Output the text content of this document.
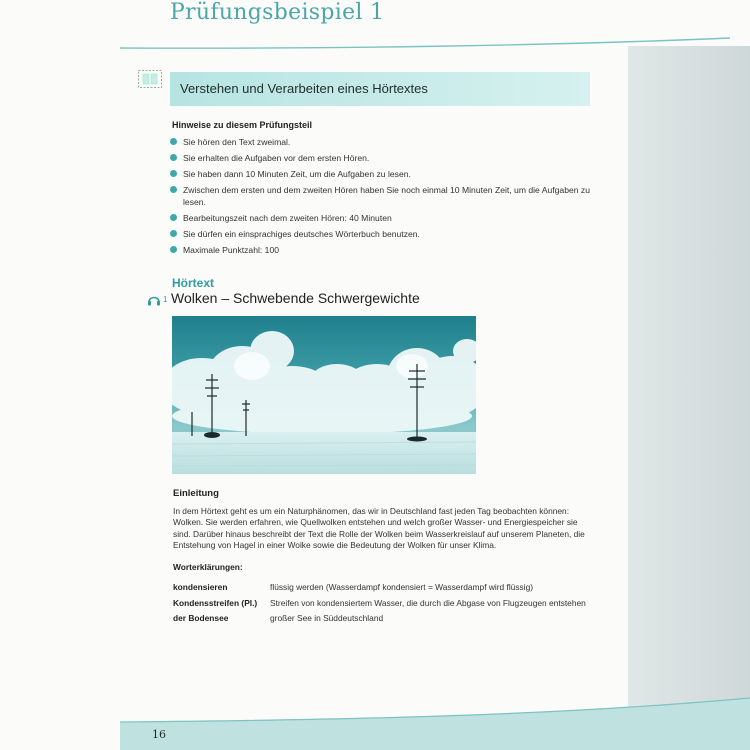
Prüfungsbeispiel 1
Verstehen und Verarbeiten eines Hörtextes
Hinweise zu diesem Prüfungsteil
Sie hören den Text zweimal.
Sie erhalten die Aufgaben vor dem ersten Hören.
Sie haben dann 10 Minuten Zeit, um die Aufgaben zu lesen.
Zwischen dem ersten und dem zweiten Hören haben Sie noch einmal 10 Minuten Zeit, um die Aufgaben zu lesen.
Bearbeitungszeit nach dem zweiten Hören: 40 Minuten
Sie dürfen ein einsprachiges deutsches Wörterbuch benutzen.
Maximale Punktzahl: 100
Hörtext
1 Wolken – Schwebende Schwergewichte
Einleitung
In dem Hörtext geht es um ein Naturphänomen, das wir in Deutschland fast jeden Tag beobachten können: Wolken. Sie werden erfahren, wie Quellwolken entstehen und welch großer Wasser- und Energiespeicher sie sind. Darüber hinaus beschreibt der Text die Rolle der Wolken beim Wasserkreislauf auf unserem Planeten, die Entstehung von Hagel in einer Wolke sowie die Bedeutung der Wolken für unser Klima.
Worterklärungen:
kondensieren	flüssig werden (Wasserdampf kondensiert = Wasserdampf wird flüssig)
Kondensstreifen (Pl.)	Streifen von kondensiertem Wasser, die durch die Abgase von Flugzeugen entstehen
der Bodensee	großer See in Süddeutschland
16
